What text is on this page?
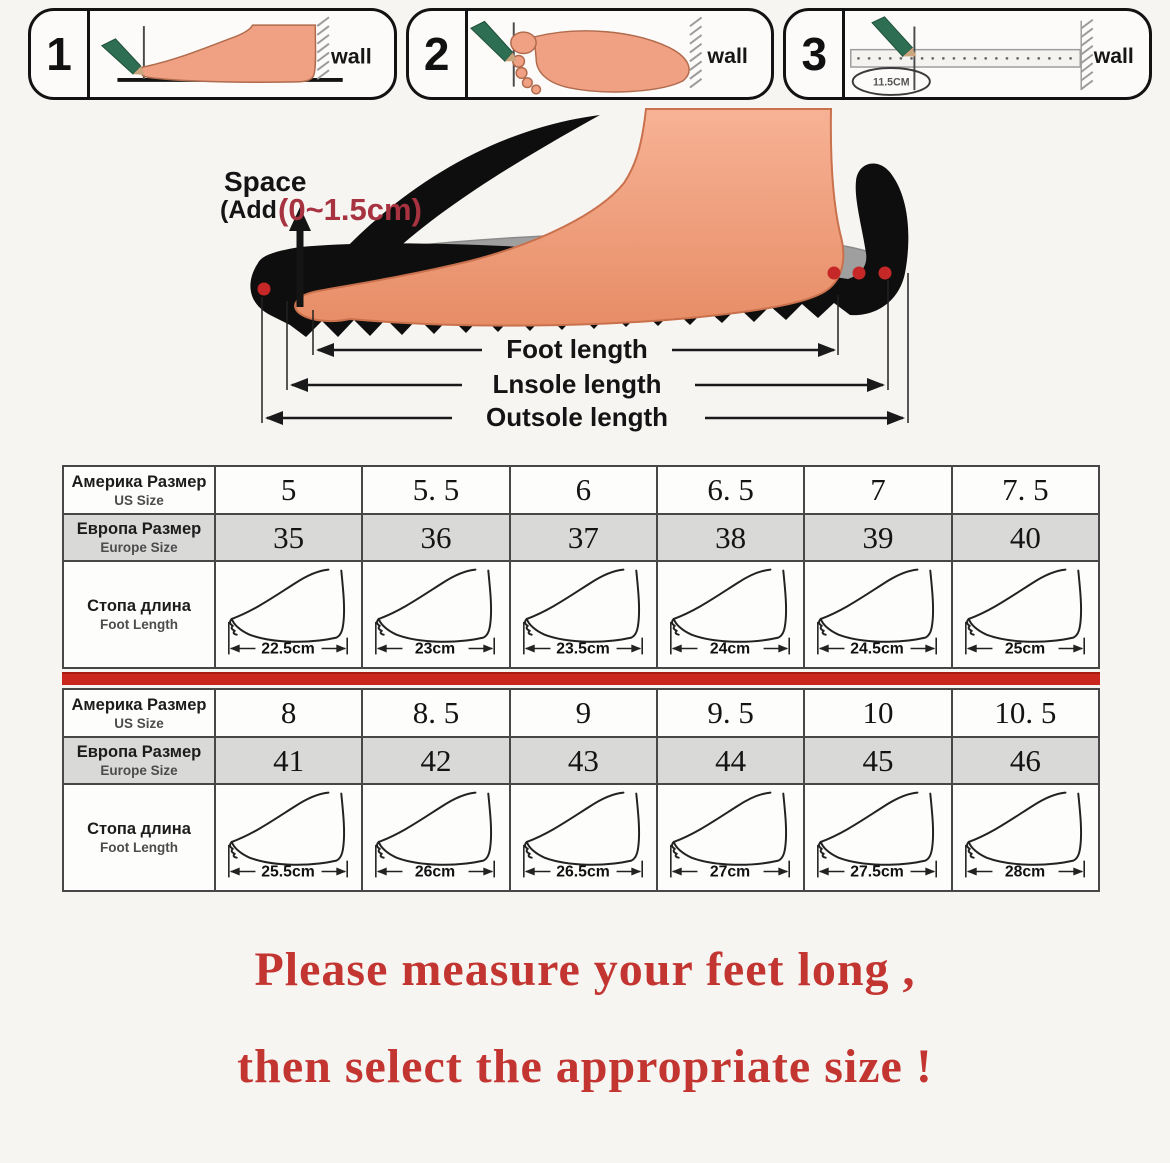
1	wall	2	wall	3
11.5CM
wall
Space
(Add (0~1.5cm)
Foot length
Lnsole length
Outsole length
Америка Размер
US Size	5	5. 5	6	6. 5	7	7. 5

Европа Размер
Europe Size	35	36	37	38	39	40

Стопа длина
Foot Length	22.5cm	23cm	23.5cm	24cm	24.5cm	25cm
Америка Размер
US Size	8	8. 5	9	9. 5	10	10. 5

Европа Размер
Europe Size	41	42	43	44	45	46

Стопа длина
Foot Length	25.5cm	26cm	26.5cm	27cm	27.5cm	28cm
Please measure your feet long ,
then select the appropriate size !
